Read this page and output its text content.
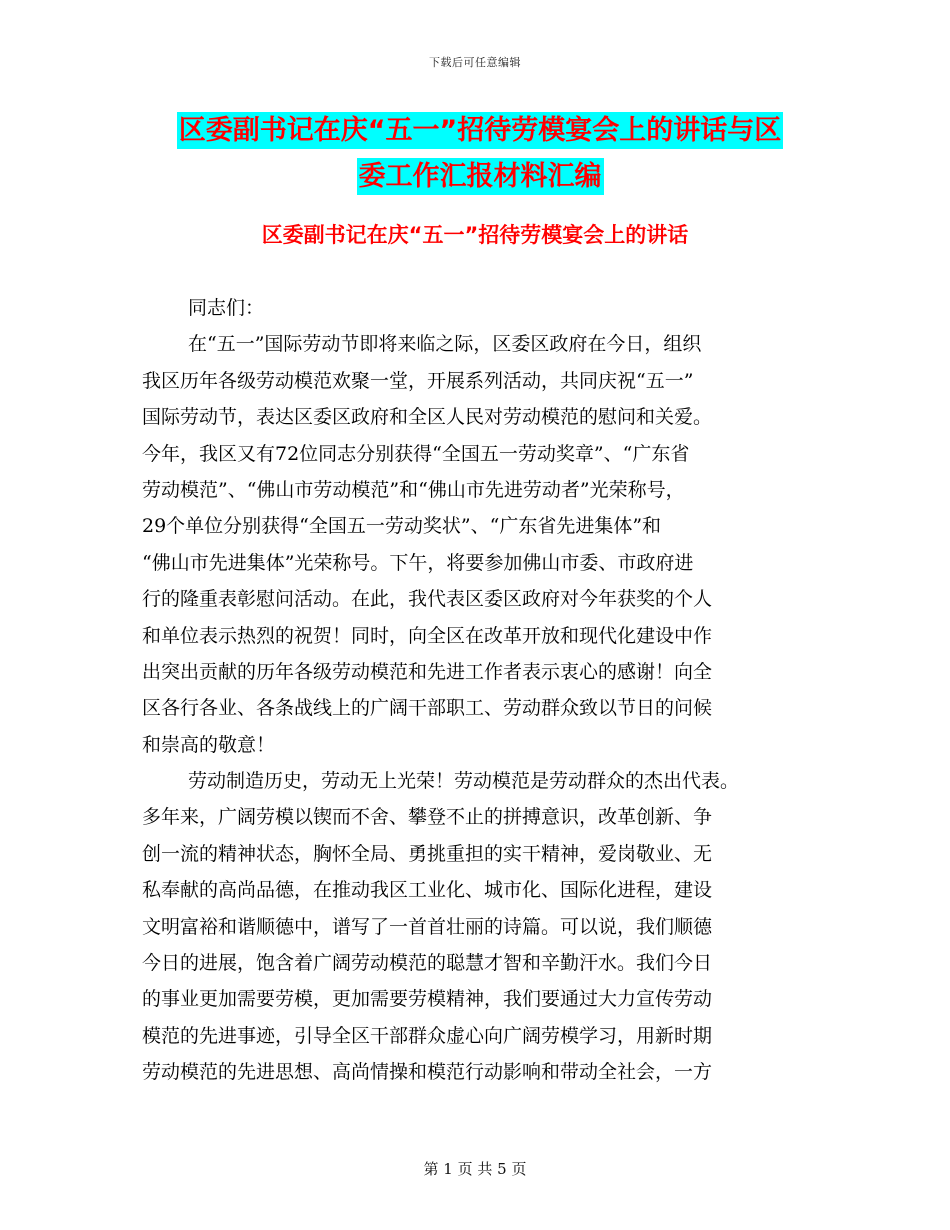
下载后可任意编辑
区委副书记在庆“五一”招待劳模宴会上的讲话与区
委工作汇报材料汇编
区委副书记在庆“五一”招待劳模宴会上的讲话
同志们：
在“五一”国际劳动节即将来临之际，区委区政府在今日，组织
我区历年各级劳动模范欢聚一堂，开展系列活动，共同庆祝“五一”
国际劳动节，表达区委区政府和全区人民对劳动模范的慰问和关爱。
今年，我区又有72位同志分别获得“全国五一劳动奖章”、“广东省
劳动模范”、“佛山市劳动模范”和“佛山市先进劳动者”光荣称号，
29个单位分别获得“全国五一劳动奖状”、“广东省先进集体”和
“佛山市先进集体”光荣称号。下午，将要参加佛山市委、市政府进
行的隆重表彰慰问活动。在此，我代表区委区政府对今年获奖的个人
和单位表示热烈的祝贺！同时，向全区在改革开放和现代化建设中作
出突出贡献的历年各级劳动模范和先进工作者表示衷心的感谢！向全
区各行各业、各条战线上的广阔干部职工、劳动群众致以节日的问候
和崇高的敬意！
劳动制造历史，劳动无上光荣！劳动模范是劳动群众的杰出代表。
多年来，广阔劳模以锲而不舍、攀登不止的拼搏意识，改革创新、争
创一流的精神状态，胸怀全局、勇挑重担的实干精神，爱岗敬业、无
私奉献的高尚品德，在推动我区工业化、城市化、国际化进程，建设
文明富裕和谐顺德中，谱写了一首首壮丽的诗篇。可以说，我们顺德
今日的进展，饱含着广阔劳动模范的聪慧才智和辛勤汗水。我们今日
的事业更加需要劳模，更加需要劳模精神，我们要通过大力宣传劳动
模范的先进事迹，引导全区干部群众虚心向广阔劳模学习，用新时期
劳动模范的先进思想、高尚情操和模范行动影响和带动全社会，一方
第 1 页 共 5 页
